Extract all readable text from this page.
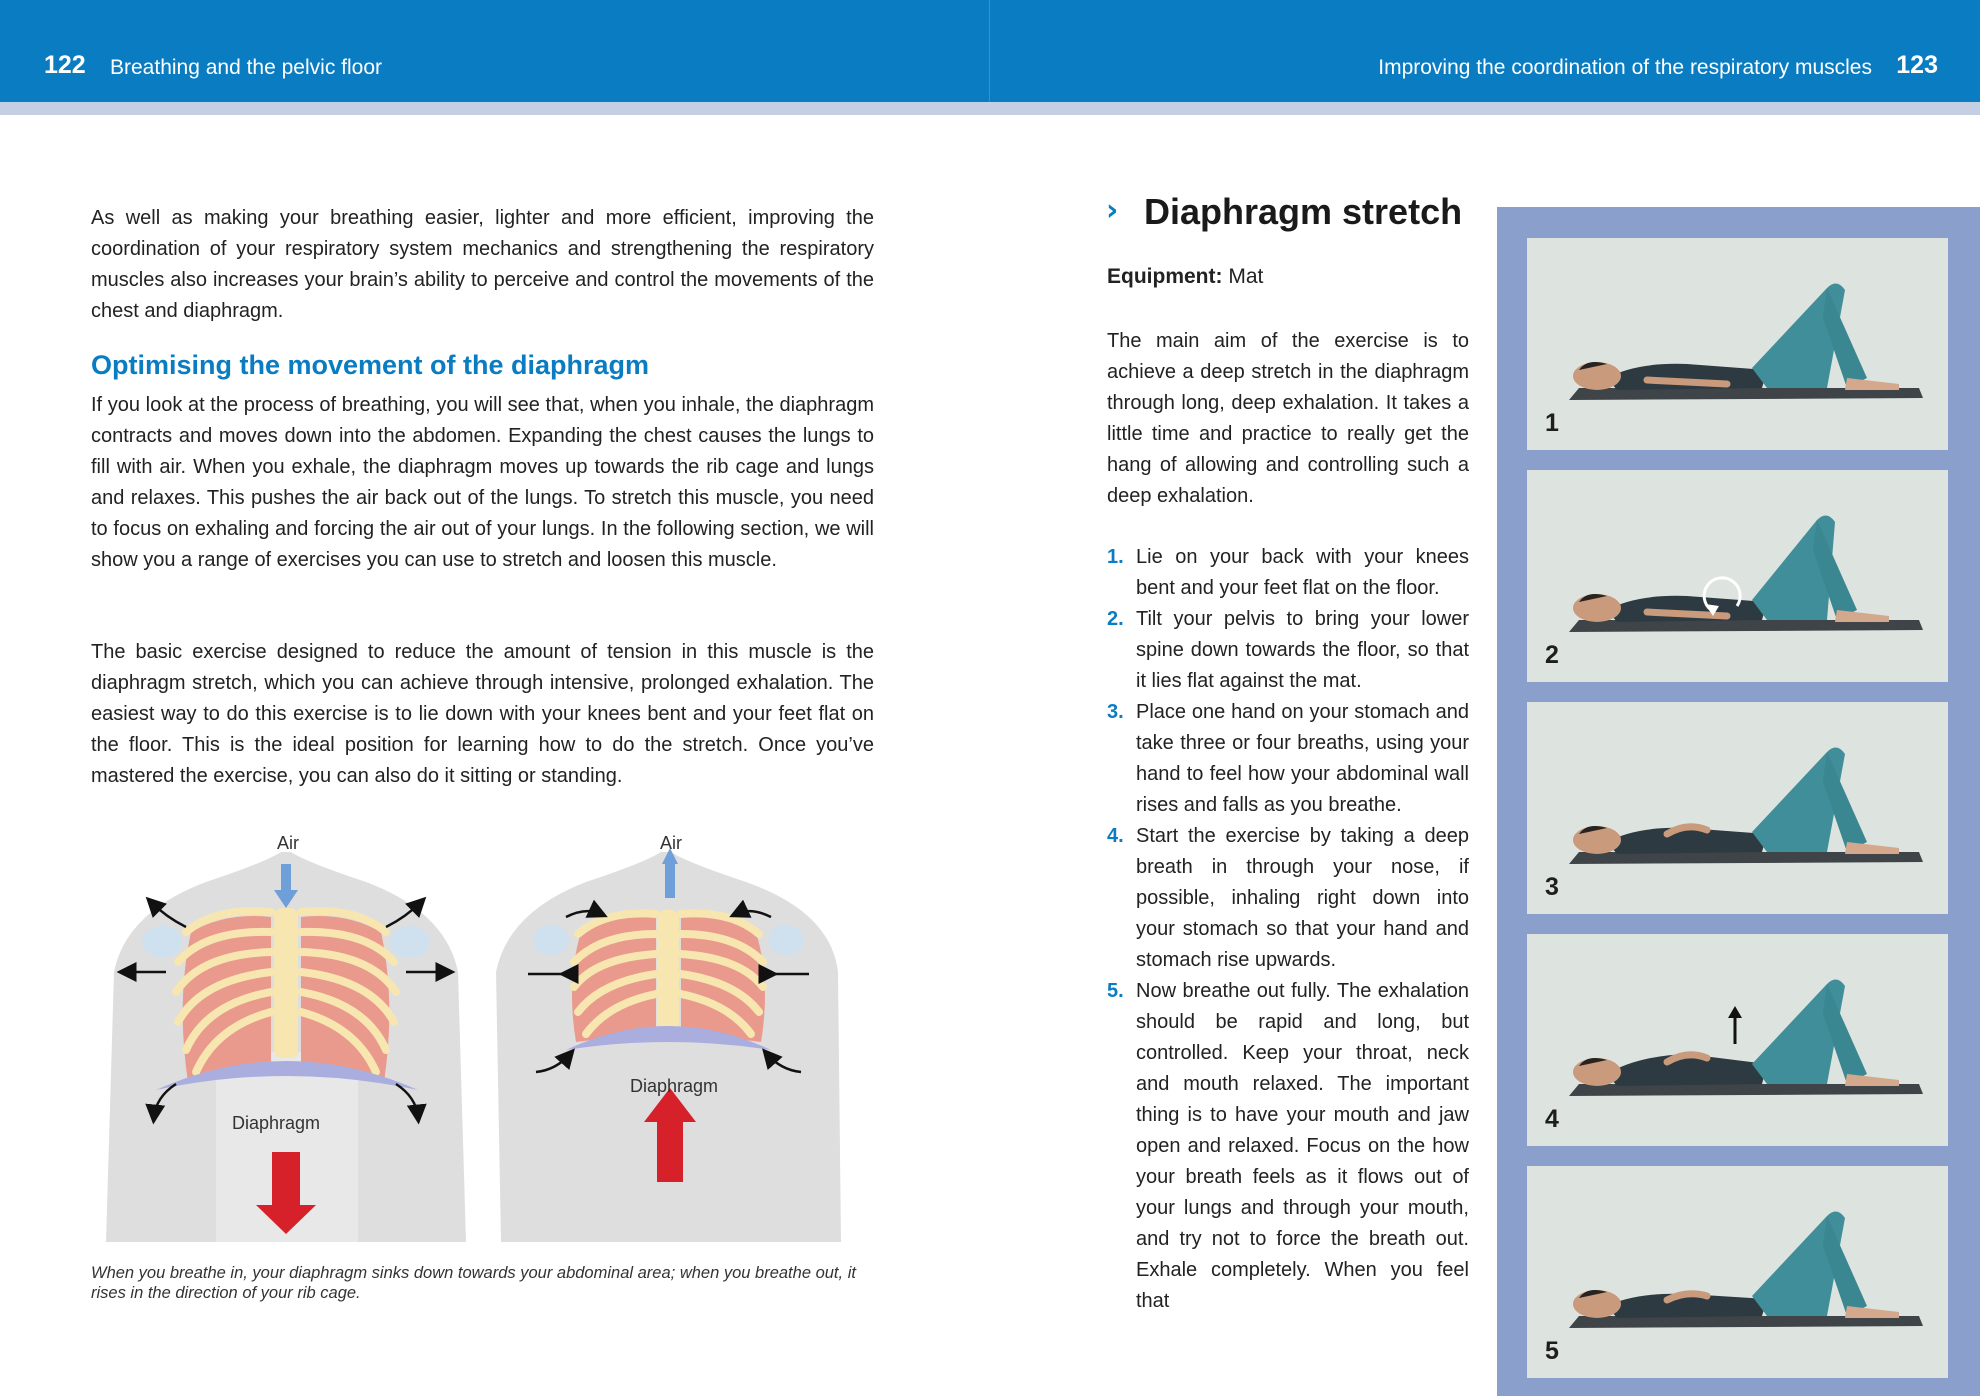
122 Breathing and the pelvic floor	Improving the coordination of the respiratory muscles 123

As well as making your breathing easier, lighter and more efficient, improving the coordination of your respiratory system mechanics and strengthening the respiratory muscles also increases your brain’s ability to perceive and control the movements of the chest and diaphragm.

Optimising the movement of the diaphragm

If you look at the process of breathing, you will see that, when you inhale, the diaphragm contracts and moves down into the abdomen. Expanding the chest causes the lungs to fill with air. When you exhale, the diaphragm moves up towards the rib cage and lungs and relaxes. This pushes the air back out of the lungs. To stretch this muscle, you need to focus on exhaling and forcing the air out of your lungs. In the following section, we will show you a range of exercises you can use to stretch and loosen this muscle.

The basic exercise designed to reduce the amount of tension in this muscle is the diaphragm stretch, which you can achieve through intensive, prolonged exhalation. The easiest way to do this exercise is to lie down with your knees bent and your feet flat on the floor. This is the ideal position for learning how to do the stretch. Once you’ve mastered the exercise, you can also do it sitting or standing.

Air
Diaphragm
Air
Diaphragm

When you breathe in, your diaphragm sinks down towards your abdominal area; when you breathe out, it rises in the direction of your rib cage.

› Diaphragm stretch

Equipment: Mat

The main aim of the exercise is to achieve a deep stretch in the diaphragm through long, deep exhalation. It takes a little time and practice to really get the hang of allowing and controlling such a deep exhalation.

1. Lie on your back with your knees bent and your feet flat on the floor.
2. Tilt your pelvis to bring your lower spine down towards the floor, so that it lies flat against the mat.
3. Place one hand on your stomach and take three or four breaths, using your hand to feel how your abdominal wall rises and falls as you breathe.
4. Start the exercise by taking a deep breath in through your nose, if possible, inhaling right down into your stomach so that your hand and stomach rise upwards.
5. Now breathe out fully. The exhalation should be rapid and long, but controlled. Keep your throat, neck and mouth relaxed. The important thing is to have your mouth and jaw open and relaxed. Focus on the how your breath feels as it flows out of your lungs and through your mouth, and try not to force the breath out. Exhale completely. When you feel that
1
2
3
4
5
